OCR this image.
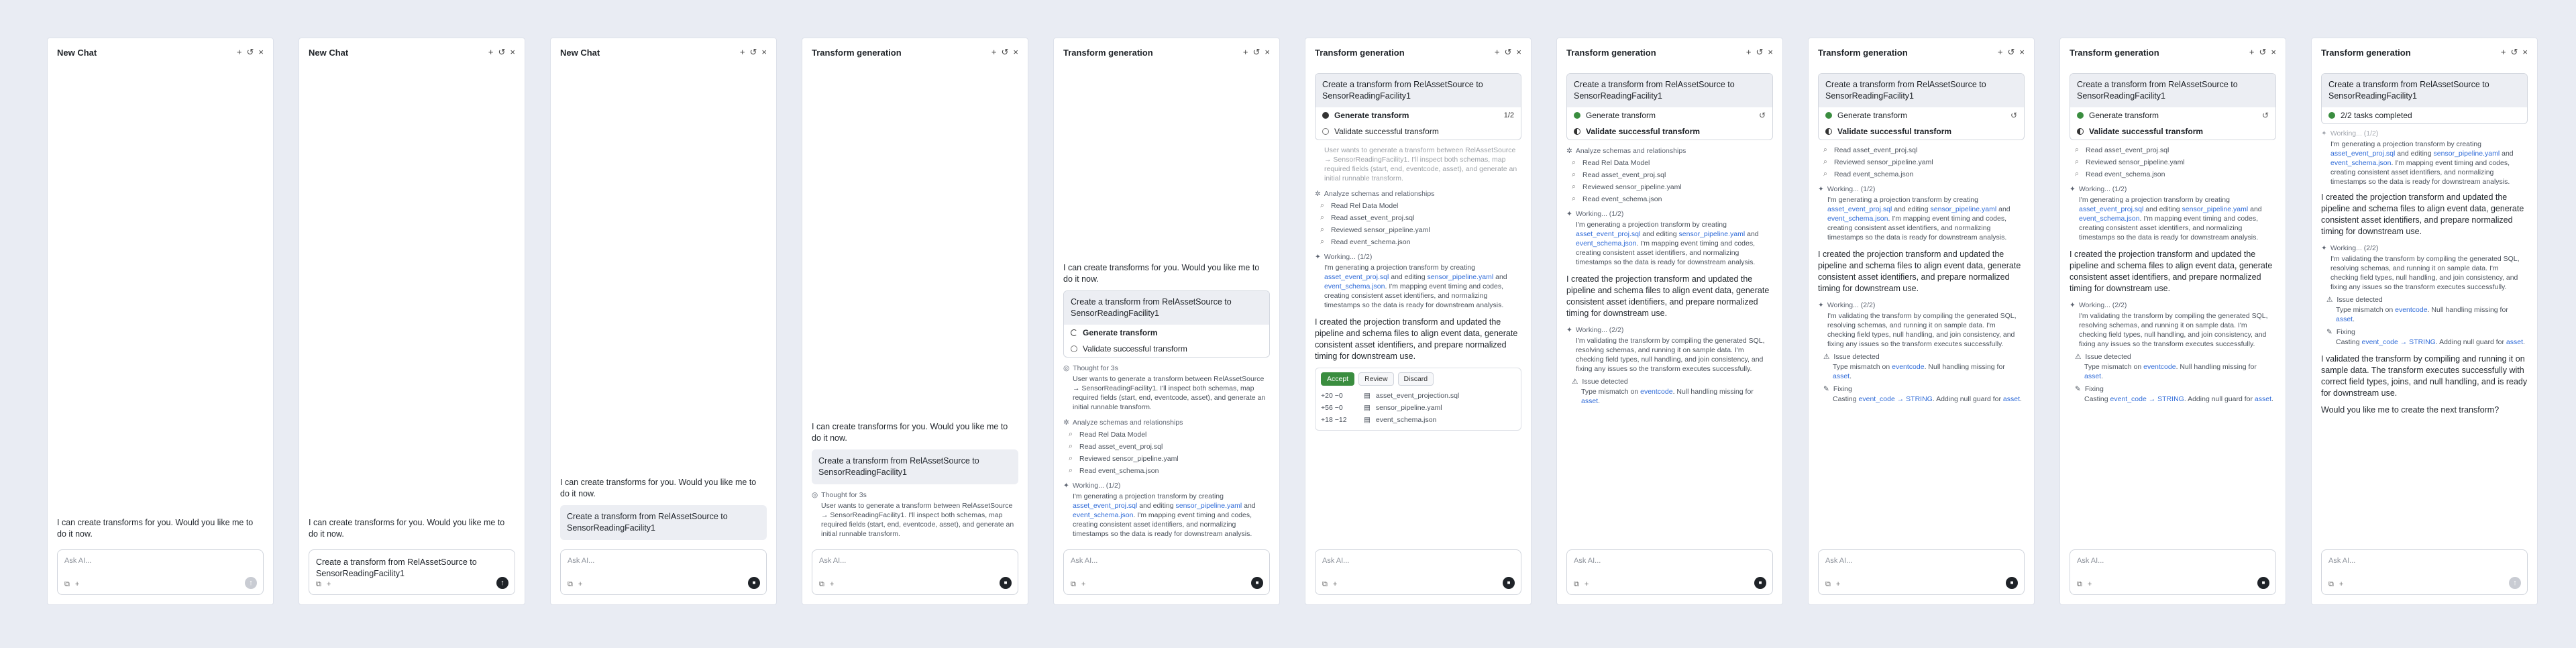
New Chat	+ ↺ ×
I can create transforms for you. Would you like me to do it now.
Ask AI...
⧉ +	↑
New Chat	+ ↺ ×
I can create transforms for you. Would you like me to do it now.
Create a transform from RelAssetSource to SensorReadingFacility1
⧉ +	↑
New Chat	+ ↺ ×
I can create transforms for you. Would you like me to do it now.
Create a transform from RelAssetSource to SensorReadingFacility1
Ask AI...
⧉ +	■
Transform generation	+ ↺ ×
I can create transforms for you. Would you like me to do it now.
Create a transform from RelAssetSource to SensorReadingFacility1
◎ Thought for 3s
User wants to generate a transform between RelAssetSource → SensorReadingFacility1. I'll inspect both schemas, map required fields (start, end, eventcode, asset), and generate an initial runnable transform.
Ask AI...
⧉ +	■
Transform generation	+ ↺ ×
I can create transforms for you. Would you like me to do it now.
Create a transform from RelAssetSource to SensorReadingFacility1
Generate transform
Validate successful transform
◎ Thought for 3s
User wants to generate a transform between RelAssetSource → SensorReadingFacility1. I'll inspect both schemas, map required fields (start, end, eventcode, asset), and generate an initial runnable transform.
✲ Analyze schemas and relationships
⌕ Read Rel Data Model
⌕ Read asset_event_proj.sql
⌕ Reviewed sensor_pipeline.yaml
⌕ Read event_schema.json
✦ Working... (1/2)
I'm generating a projection transform by creating asset_event_proj.sql and editing sensor_pipeline.yaml and event_schema.json. I'm mapping event timing and codes, creating consistent asset identifiers, and normalizing timestamps so the data is ready for downstream analysis.
Ask AI...
⧉ +	■
Transform generation	+ ↺ ×
Create a transform from RelAssetSource to SensorReadingFacility1
Generate transform	1/2
Validate successful transform
User wants to generate a transform between RelAssetSource → SensorReadingFacility1. I'll inspect both schemas, map required fields (start, end, eventcode, asset), and generate an initial runnable transform.
✲ Analyze schemas and relationships
⌕ Read Rel Data Model
⌕ Read asset_event_proj.sql
⌕ Reviewed sensor_pipeline.yaml
⌕ Read event_schema.json
✦ Working... (1/2)
I'm generating a projection transform by creating asset_event_proj.sql and editing sensor_pipeline.yaml and event_schema.json. I'm mapping event timing and codes, creating consistent asset identifiers, and normalizing timestamps so the data is ready for downstream analysis.
I created the projection transform and updated the pipeline and schema files to align event data, generate consistent asset identifiers, and prepare normalized timing for downstream use.
Accept	Review	Discard
+20 −0	▤ asset_event_projection.sql
+56 −0	▤ sensor_pipeline.yaml
+18 −12	▤ event_schema.json
Ask AI...
⧉ +	■
Transform generation	+ ↺ ×
Create a transform from RelAssetSource to SensorReadingFacility1
Generate transform	↺
Validate successful transform
✲ Analyze schemas and relationships
⌕ Read Rel Data Model
⌕ Read asset_event_proj.sql
⌕ Reviewed sensor_pipeline.yaml
⌕ Read event_schema.json
✦ Working... (1/2)
I'm generating a projection transform by creating asset_event_proj.sql and editing sensor_pipeline.yaml and event_schema.json. I'm mapping event timing and codes, creating consistent asset identifiers, and normalizing timestamps so the data is ready for downstream analysis.
I created the projection transform and updated the pipeline and schema files to align event data, generate consistent asset identifiers, and prepare normalized timing for downstream use.
✦ Working... (2/2)
I'm validating the transform by compiling the generated SQL, resolving schemas, and running it on sample data. I'm checking field types, null handling, and join consistency, and fixing any issues so the transform executes successfully.
⚠ Issue detected
Type mismatch on eventcode. Null handling missing for asset.
Ask AI...
⧉ +	■
Transform generation	+ ↺ ×
Create a transform from RelAssetSource to SensorReadingFacility1
Generate transform	↺
Validate successful transform
⌕ Read asset_event_proj.sql
⌕ Reviewed sensor_pipeline.yaml
⌕ Read event_schema.json
✦ Working... (1/2)
I'm generating a projection transform by creating asset_event_proj.sql and editing sensor_pipeline.yaml and event_schema.json. I'm mapping event timing and codes, creating consistent asset identifiers, and normalizing timestamps so the data is ready for downstream analysis.
I created the projection transform and updated the pipeline and schema files to align event data, generate consistent asset identifiers, and prepare normalized timing for downstream use.
✦ Working... (2/2)
I'm validating the transform by compiling the generated SQL, resolving schemas, and running it on sample data. I'm checking field types, null handling, and join consistency, and fixing any issues so the transform executes successfully.
⚠ Issue detected
Type mismatch on eventcode. Null handling missing for asset.
✎ Fixing
Casting event_code → STRING. Adding null guard for asset.
Ask AI...
⧉ +	■
Transform generation	+ ↺ ×
Create a transform from RelAssetSource to SensorReadingFacility1
Generate transform	↺
Validate successful transform
⌕ Read asset_event_proj.sql
⌕ Reviewed sensor_pipeline.yaml
⌕ Read event_schema.json
✦ Working... (1/2)
I'm generating a projection transform by creating asset_event_proj.sql and editing sensor_pipeline.yaml and event_schema.json. I'm mapping event timing and codes, creating consistent asset identifiers, and normalizing timestamps so the data is ready for downstream analysis.
I created the projection transform and updated the pipeline and schema files to align event data, generate consistent asset identifiers, and prepare normalized timing for downstream use.
✦ Working... (2/2)
I'm validating the transform by compiling the generated SQL, resolving schemas, and running it on sample data. I'm checking field types, null handling, and join consistency, and fixing any issues so the transform executes successfully.
⚠ Issue detected
Type mismatch on eventcode. Null handling missing for asset.
✎ Fixing
Casting event_code → STRING. Adding null guard for asset.
Ask AI...
⧉ +	■
Transform generation	+ ↺ ×
Create a transform from RelAssetSource to SensorReadingFacility1
2/2 tasks completed
✦ Working... (1/2)
I'm generating a projection transform by creating asset_event_proj.sql and editing sensor_pipeline.yaml and event_schema.json. I'm mapping event timing and codes, creating consistent asset identifiers, and normalizing timestamps so the data is ready for downstream analysis.
I created the projection transform and updated the pipeline and schema files to align event data, generate consistent asset identifiers, and prepare normalized timing for downstream use.
✦ Working... (2/2)
I'm validating the transform by compiling the generated SQL, resolving schemas, and running it on sample data. I'm checking field types, null handling, and join consistency, and fixing any issues so the transform executes successfully.
⚠ Issue detected
Type mismatch on eventcode. Null handling missing for asset.
✎ Fixing
Casting event_code → STRING. Adding null guard for asset.
I validated the transform by compiling and running it on sample data. The transform executes successfully with correct field types, joins, and null handling, and is ready for downstream use.
Would you like me to create the next transform?
Ask AI...
⧉ +	↑
